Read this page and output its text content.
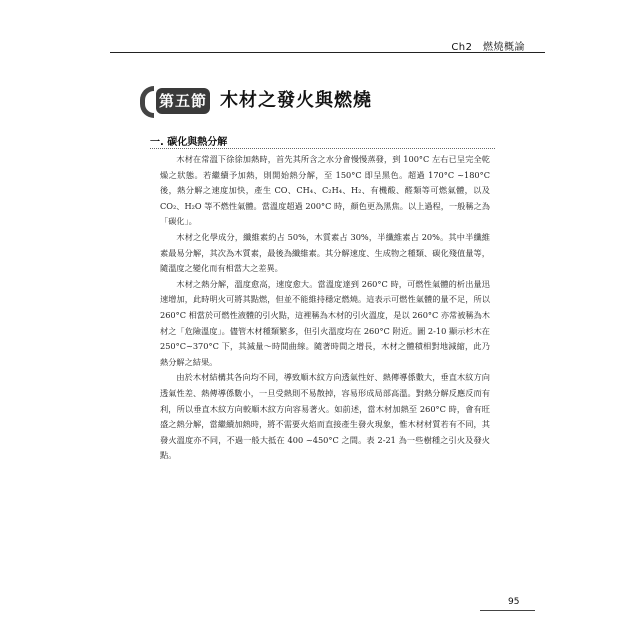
Ch2　燃燒概論
第五節 木材之發火與燃燒
一. 碳化與熱分解

木材在常溫下徐徐加熱時，首先其所含之水分會慢慢蒸發，到 100°C 左右已呈完全乾燥之狀態。若繼續予加熱，則開始熱分解，至 150°C 即呈黑色。超過 170°C ~180°C 後，熱分解之速度加快，產生 CO、CH₄、C₂H₄、H₂、有機酸、醛類等可燃氣體，以及 CO₂、H₂O 等不燃性氣體。當溫度超過 200°C 時，顏色更為黑焦。以上過程，一般稱之為「碳化」。

木材之化學成分，纖維素約占 50%，木質素占 30%，半纖維素占 20%。其中半纖維素最易分解，其次為木質素，最後為纖維素。其分解速度、生成物之種類、碳化殘值量等，隨溫度之變化而有相當大之差異。

木材之熱分解，溫度愈高，速度愈大。當溫度達到 260°C 時，可燃性氣體的析出量迅速增加，此時明火可將其點燃，但並不能維持穩定燃燒。這表示可燃性氣體的量不足，所以 260°C 相當於可燃性液體的引火點，這裡稱為木材的引火溫度，是以 260°C 亦常被稱為木材之「危險溫度」。儘管木材種類繁多，但引火溫度均在 260°C 附近。圖 2-10 顯示杉木在 250°C~370°C 下，其減量～時間曲線。隨著時間之增長，木材之體積相對地減縮，此乃熱分解之結果。

由於木材結構其各向均不同，導致順木紋方向透氣性好、熱傳導係數大，垂直木紋方向透氣性差、熱傳導係數小，一旦受熱則不易散掉，容易形成局部高溫。對熱分解反應反而有利，所以垂直木紋方向較順木紋方向容易著火。如前述，當木材加熱至 260°C 時，會有旺盛之熱分解，當繼續加熱時，將不需要火焰而直接產生發火現象，惟木材材質若有不同，其發火溫度亦不同，不過一般大抵在 400 ~450°C 之間。表 2-21 為一些樹種之引火及發火點。

95
